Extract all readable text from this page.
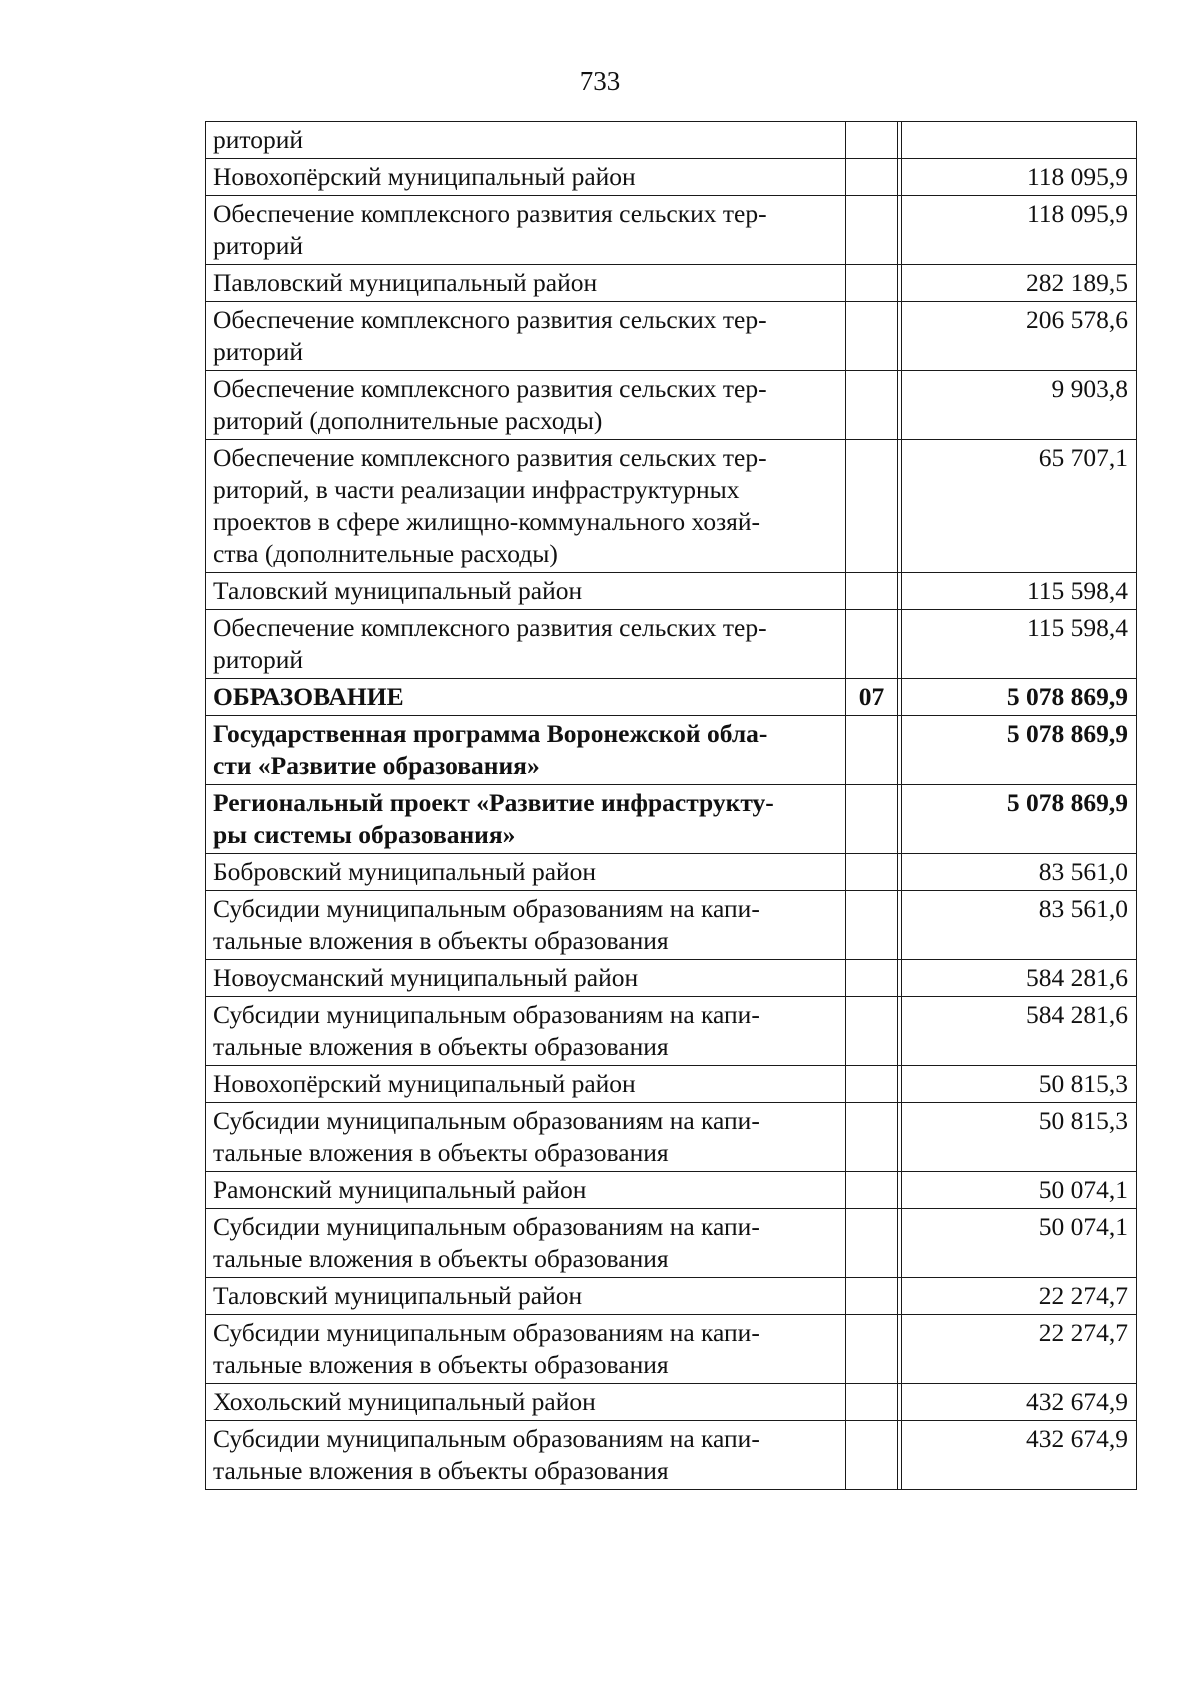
733
риторий			
Новохопёрский муниципальный район			118 095,9
Обеспечение комплексного развития сельских тер-
риторий			118 095,9
Павловский муниципальный район			282 189,5
Обеспечение комплексного развития сельских тер-
риторий			206 578,6
Обеспечение комплексного развития сельских тер-
риторий (дополнительные расходы)			9 903,8
Обеспечение комплексного развития сельских тер-
риторий, в части реализации инфраструктурных
проектов в сфере жилищно-коммунального хозяй-
ства (дополнительные расходы)			65 707,1
Таловский муниципальный район			115 598,4
Обеспечение комплексного развития сельских тер-
риторий			115 598,4
ОБРАЗОВАНИЕ	07		5 078 869,9
Государственная программа Воронежской обла-
сти «Развитие образования»			5 078 869,9
Региональный проект «Развитие инфраструкту-
ры системы образования»			5 078 869,9
Бобровский муниципальный район			83 561,0
Субсидии муниципальным образованиям на капи-
тальные вложения в объекты образования			83 561,0
Новоусманский муниципальный район			584 281,6
Субсидии муниципальным образованиям на капи-
тальные вложения в объекты образования			584 281,6
Новохопёрский муниципальный район			50 815,3
Субсидии муниципальным образованиям на капи-
тальные вложения в объекты образования			50 815,3
Рамонский муниципальный район			50 074,1
Субсидии муниципальным образованиям на капи-
тальные вложения в объекты образования			50 074,1
Таловский муниципальный район			22 274,7
Субсидии муниципальным образованиям на капи-
тальные вложения в объекты образования			22 274,7
Хохольский муниципальный район			432 674,9
Субсидии муниципальным образованиям на капи-
тальные вложения в объекты образования			432 674,9
